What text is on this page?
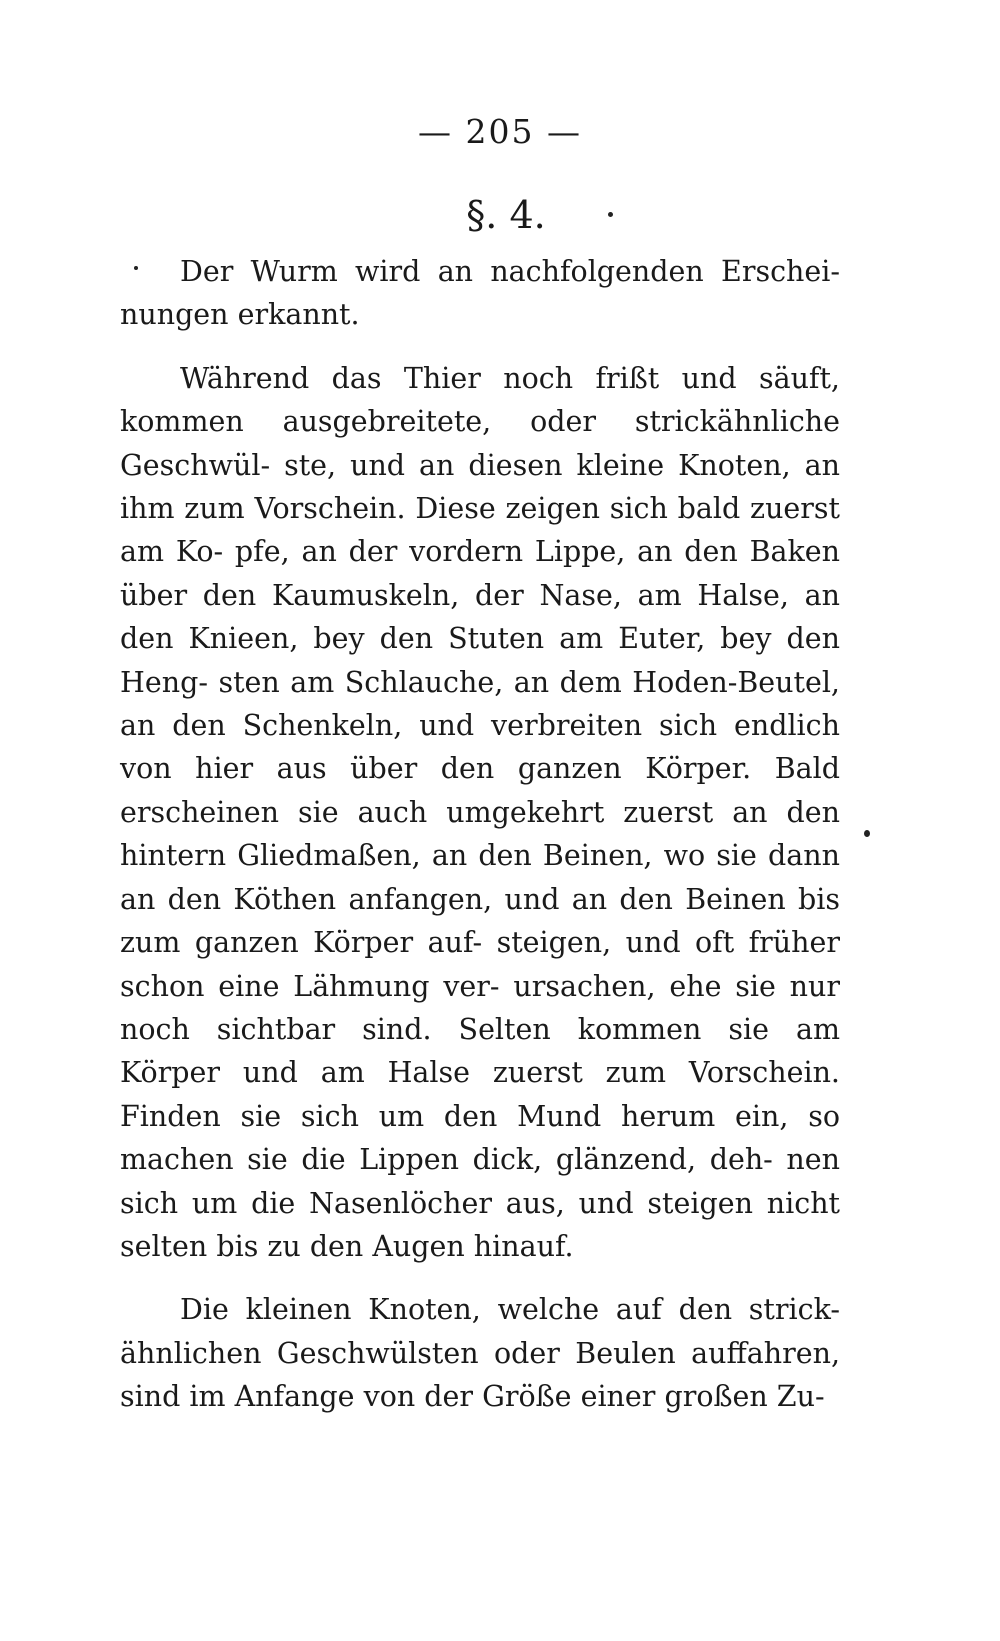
— 205 —
§. 4.

Der Wurm wird an nachfolgenden Erschei- nungen erkannt.

Während das Thier noch frißt und säuft, kommen ausgebreitete, oder strickähnliche Geschwül- ste, und an diesen kleine Knoten, an ihm zum Vorschein. Diese zeigen sich bald zuerst am Ko- pfe, an der vordern Lippe, an den Baken über den Kaumuskeln, der Nase, am Halse, an den Knieen, bey den Stuten am Euter, bey den Heng- sten am Schlauche, an dem Hoden-Beutel, an den Schenkeln, und verbreiten sich endlich von hier aus über den ganzen Körper. Bald erscheinen sie auch umgekehrt zuerst an den hintern Gliedmaßen, an den Beinen, wo sie dann an den Köthen anfangen, und an den Beinen bis zum ganzen Körper auf- steigen, und oft früher schon eine Lähmung ver- ursachen, ehe sie nur noch sichtbar sind. Selten kommen sie am Körper und am Halse zuerst zum Vorschein. Finden sie sich um den Mund herum ein, so machen sie die Lippen dick, glänzend, deh- nen sich um die Nasenlöcher aus, und steigen nicht selten bis zu den Augen hinauf.

Die kleinen Knoten, welche auf den strick- ähnlichen Geschwülsten oder Beulen auffahren, sind im Anfange von der Größe einer großen Zu-
